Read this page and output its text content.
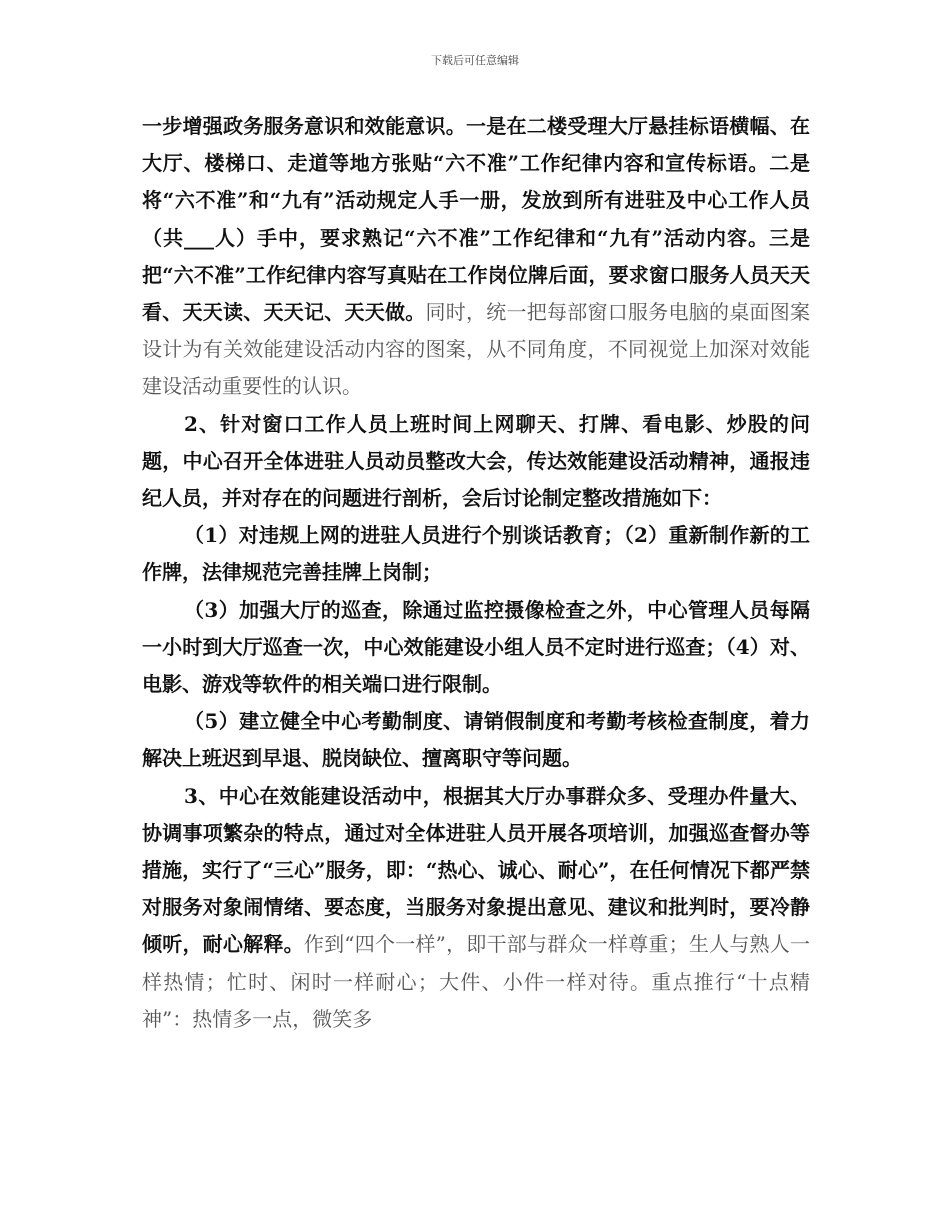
下载后可任意编辑

一步增强政务服务意识和效能意识。一是在二楼受理大厅悬挂标语横幅、在大厅、楼梯口、走道等地方张贴“六不准”工作纪律内容和宣传标语。二是将“六不准”和“九有”活动规定人手一册，发放到所有进驻及中心工作人员（共___人）手中，要求熟记“六不准”工作纪律和“九有”活动内容。三是把“六不准”工作纪律内容写真贴在工作岗位牌后面，要求窗口服务人员天天看、天天读、天天记、天天做。同时，统一把每部窗口服务电脑的桌面图案设计为有关效能建设活动内容的图案，从不同角度，不同视觉上加深对效能建设活动重要性的认识。

2、针对窗口工作人员上班时间上网聊天、打牌、看电影、炒股的问题，中心召开全体进驻人员动员整改大会，传达效能建设活动精神，通报违纪人员，并对存在的问题进行剖析，会后讨论制定整改措施如下：

（1）对违规上网的进驻人员进行个别谈话教育；（2）重新制作新的工作牌，法律规范完善挂牌上岗制；

（3）加强大厅的巡查，除通过监控摄像检查之外，中心管理人员每隔一小时到大厅巡查一次，中心效能建设小组人员不定时进行巡查；（4）对、电影、游戏等软件的相关端口进行限制。

（5）建立健全中心考勤制度、请销假制度和考勤考核检查制度，着力解决上班迟到早退、脱岗缺位、擅离职守等问题。

3、中心在效能建设活动中，根据其大厅办事群众多、受理办件量大、协调事项繁杂的特点，通过对全体进驻人员开展各项培训，加强巡查督办等措施，实行了“三心”服务，即：“热心、诚心、耐心”，在任何情况下都严禁对服务对象闹情绪、要态度，当服务对象提出意见、建议和批判时，要冷静倾听，耐心解释。作到“四个一样”，即干部与群众一样尊重；生人与熟人一样热情；忙时、闲时一样耐心；大件、小件一样对待。重点推行“十点精神”：热情多一点，微笑多
